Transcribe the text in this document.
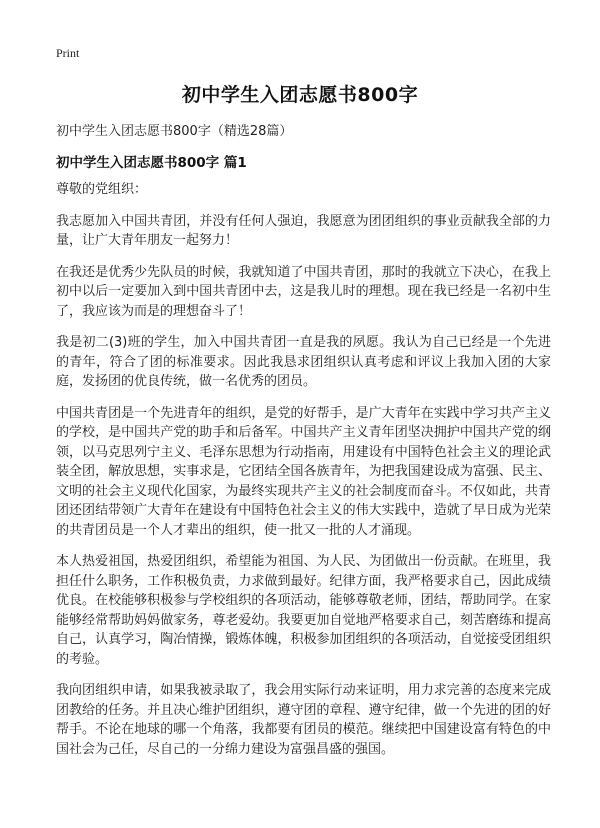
Print
初中学生入团志愿书800字
初中学生入团志愿书800字（精选28篇）
初中学生入团志愿书800字 篇1

尊敬的党组织：

我志愿加入中国共青团，并没有任何人强迫，我愿意为团团组织的事业贡献我全部的力量，让广大青年朋友一起努力！

在我还是优秀少先队员的时候，我就知道了中国共青团，那时的我就立下决心，在我上初中以后一定要加入到中国共青团中去，这是我儿时的理想。现在我已经是一名初中生了，我应该为而是的理想奋斗了！

我是初二(3)班的学生，加入中国共青团一直是我的夙愿。我认为自己已经是一个先进的青年，符合了团的标准要求。因此我恳求团组织认真考虑和评议上我加入团的大家庭，发扬团的优良传统，做一名优秀的团员。

中国共青团是一个先进青年的组织，是党的好帮手，是广大青年在实践中学习共产主义的学校，是中国共产党的助手和后备军。中国共产主义青年团坚决拥护中国共产党的纲领，以马克思列宁主义、毛泽东思想为行动指南，用建设有中国特色社会主义的理论武装全团，解放思想，实事求是，它团结全国各族青年，为把我国建设成为富强、民主、文明的社会主义现代化国家，为最终实现共产主义的社会制度而奋斗。不仅如此，共青团还团结带领广大青年在建设有中国特色社会主义的伟大实践中，造就了早日成为光荣的共青团员是一个人才辈出的组织，使一批又一批的人才涌现。

本人热爱祖国，热爱团组织，希望能为祖国、为人民、为团做出一份贡献。在班里，我担任什么职务，工作积极负责，力求做到最好。纪律方面，我严格要求自己，因此成绩优良。在校能够积极参与学校组织的各项活动，能够尊敬老师，团结，帮助同学。在家能够经常帮助妈妈做家务，尊老爱幼。我要更加自觉地严格要求自己，刻苦磨练和提高自己，认真学习，陶冶情操，锻炼体魄，积极参加团组织的各项活动，自觉接受团组织的考验。

我向团组织申请，如果我被录取了，我会用实际行动来证明，用力求完善的态度来完成团教给的任务。并且决心维护团组织，遵守团的章程、遵守纪律，做一个先进的团的好帮手。不论在地球的哪一个角落，我都要有团员的模范。继续把中国建设富有特色的中国社会为己任，尽自己的一分绵力建设为富强昌盛的强国。
